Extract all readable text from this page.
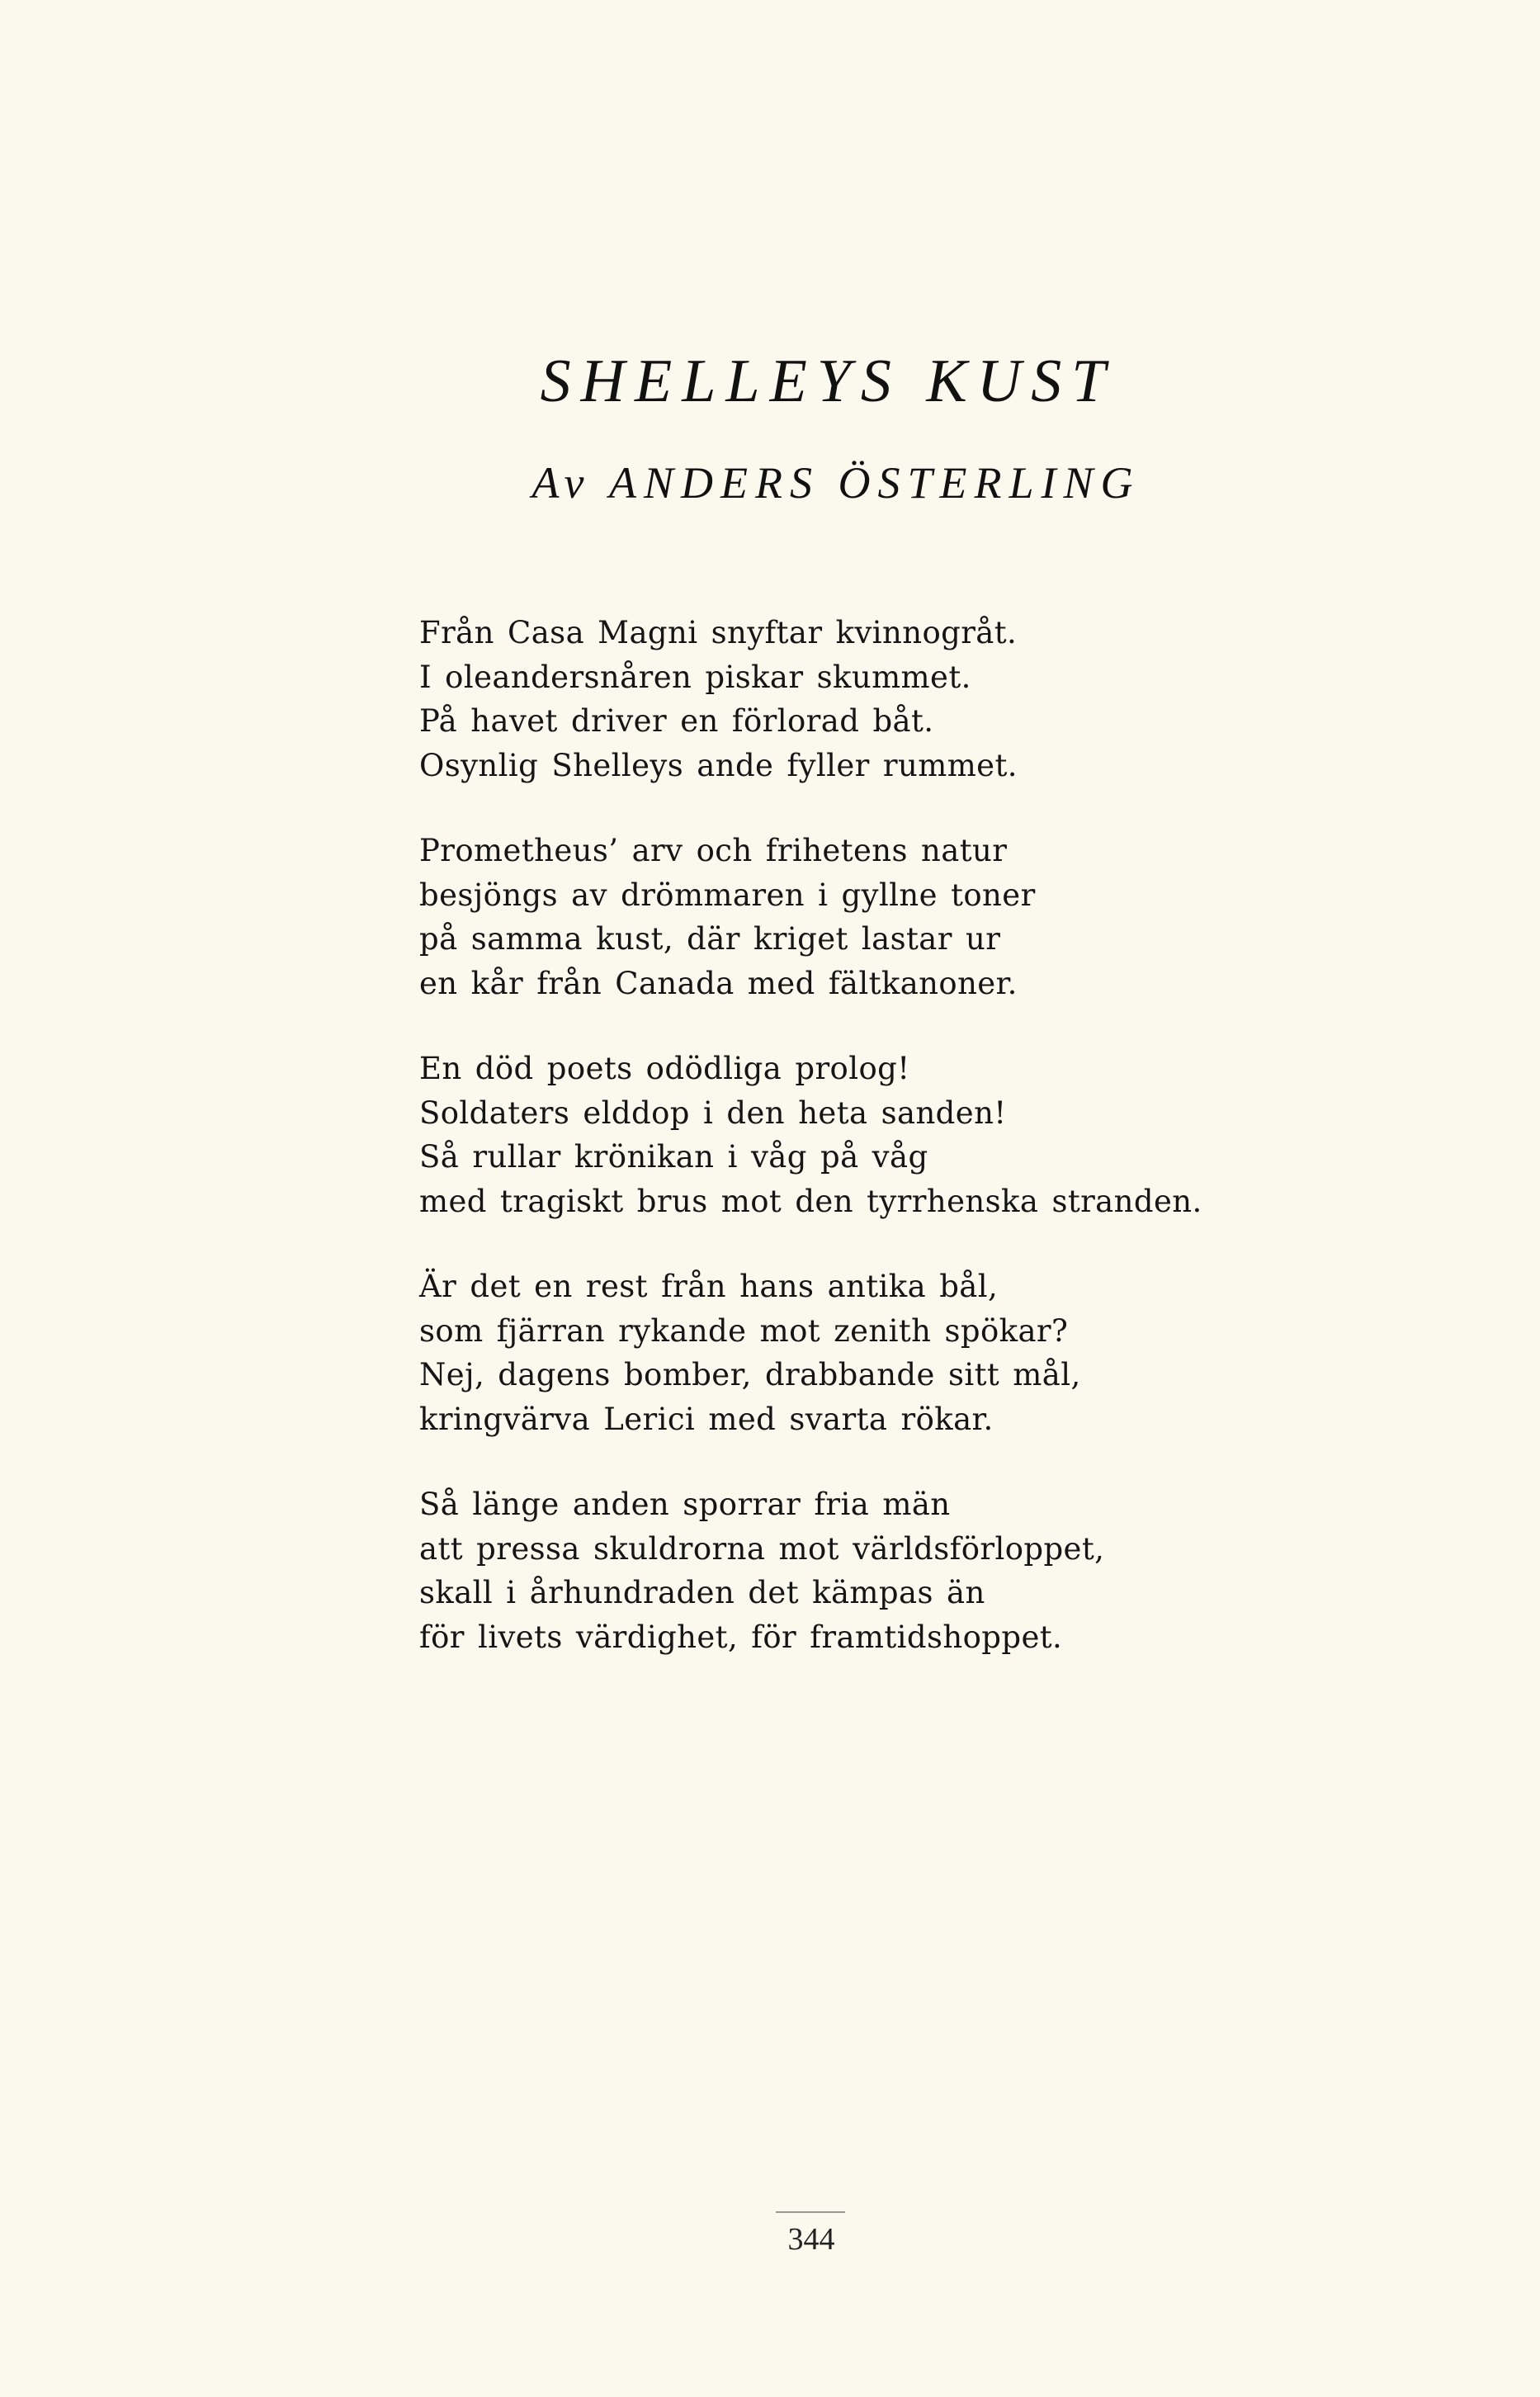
SHELLEYS KUST
Av ANDERS ÖSTERLING
Från Casa Magni snyftar kvinnogråt.
I oleandersnåren piskar skummet.
På havet driver en förlorad båt.
Osynlig Shelleys ande fyller rummet.
Prometheus’ arv och frihetens natur
besjöngs av drömmaren i gyllne toner
på samma kust, där kriget lastar ur
en kår från Canada med fältkanoner.
En död poets odödliga prolog!
Soldaters elddop i den heta sanden!
Så rullar krönikan i våg på våg
med tragiskt brus mot den tyrrhenska stranden.
Är det en rest från hans antika bål,
som fjärran rykande mot zenith spökar?
Nej, dagens bomber, drabbande sitt mål,
kringvärva Lerici med svarta rökar.
Så länge anden sporrar fria män
att pressa skuldrorna mot världsförloppet,
skall i århundraden det kämpas än
för livets värdighet, för framtidshoppet.
344
